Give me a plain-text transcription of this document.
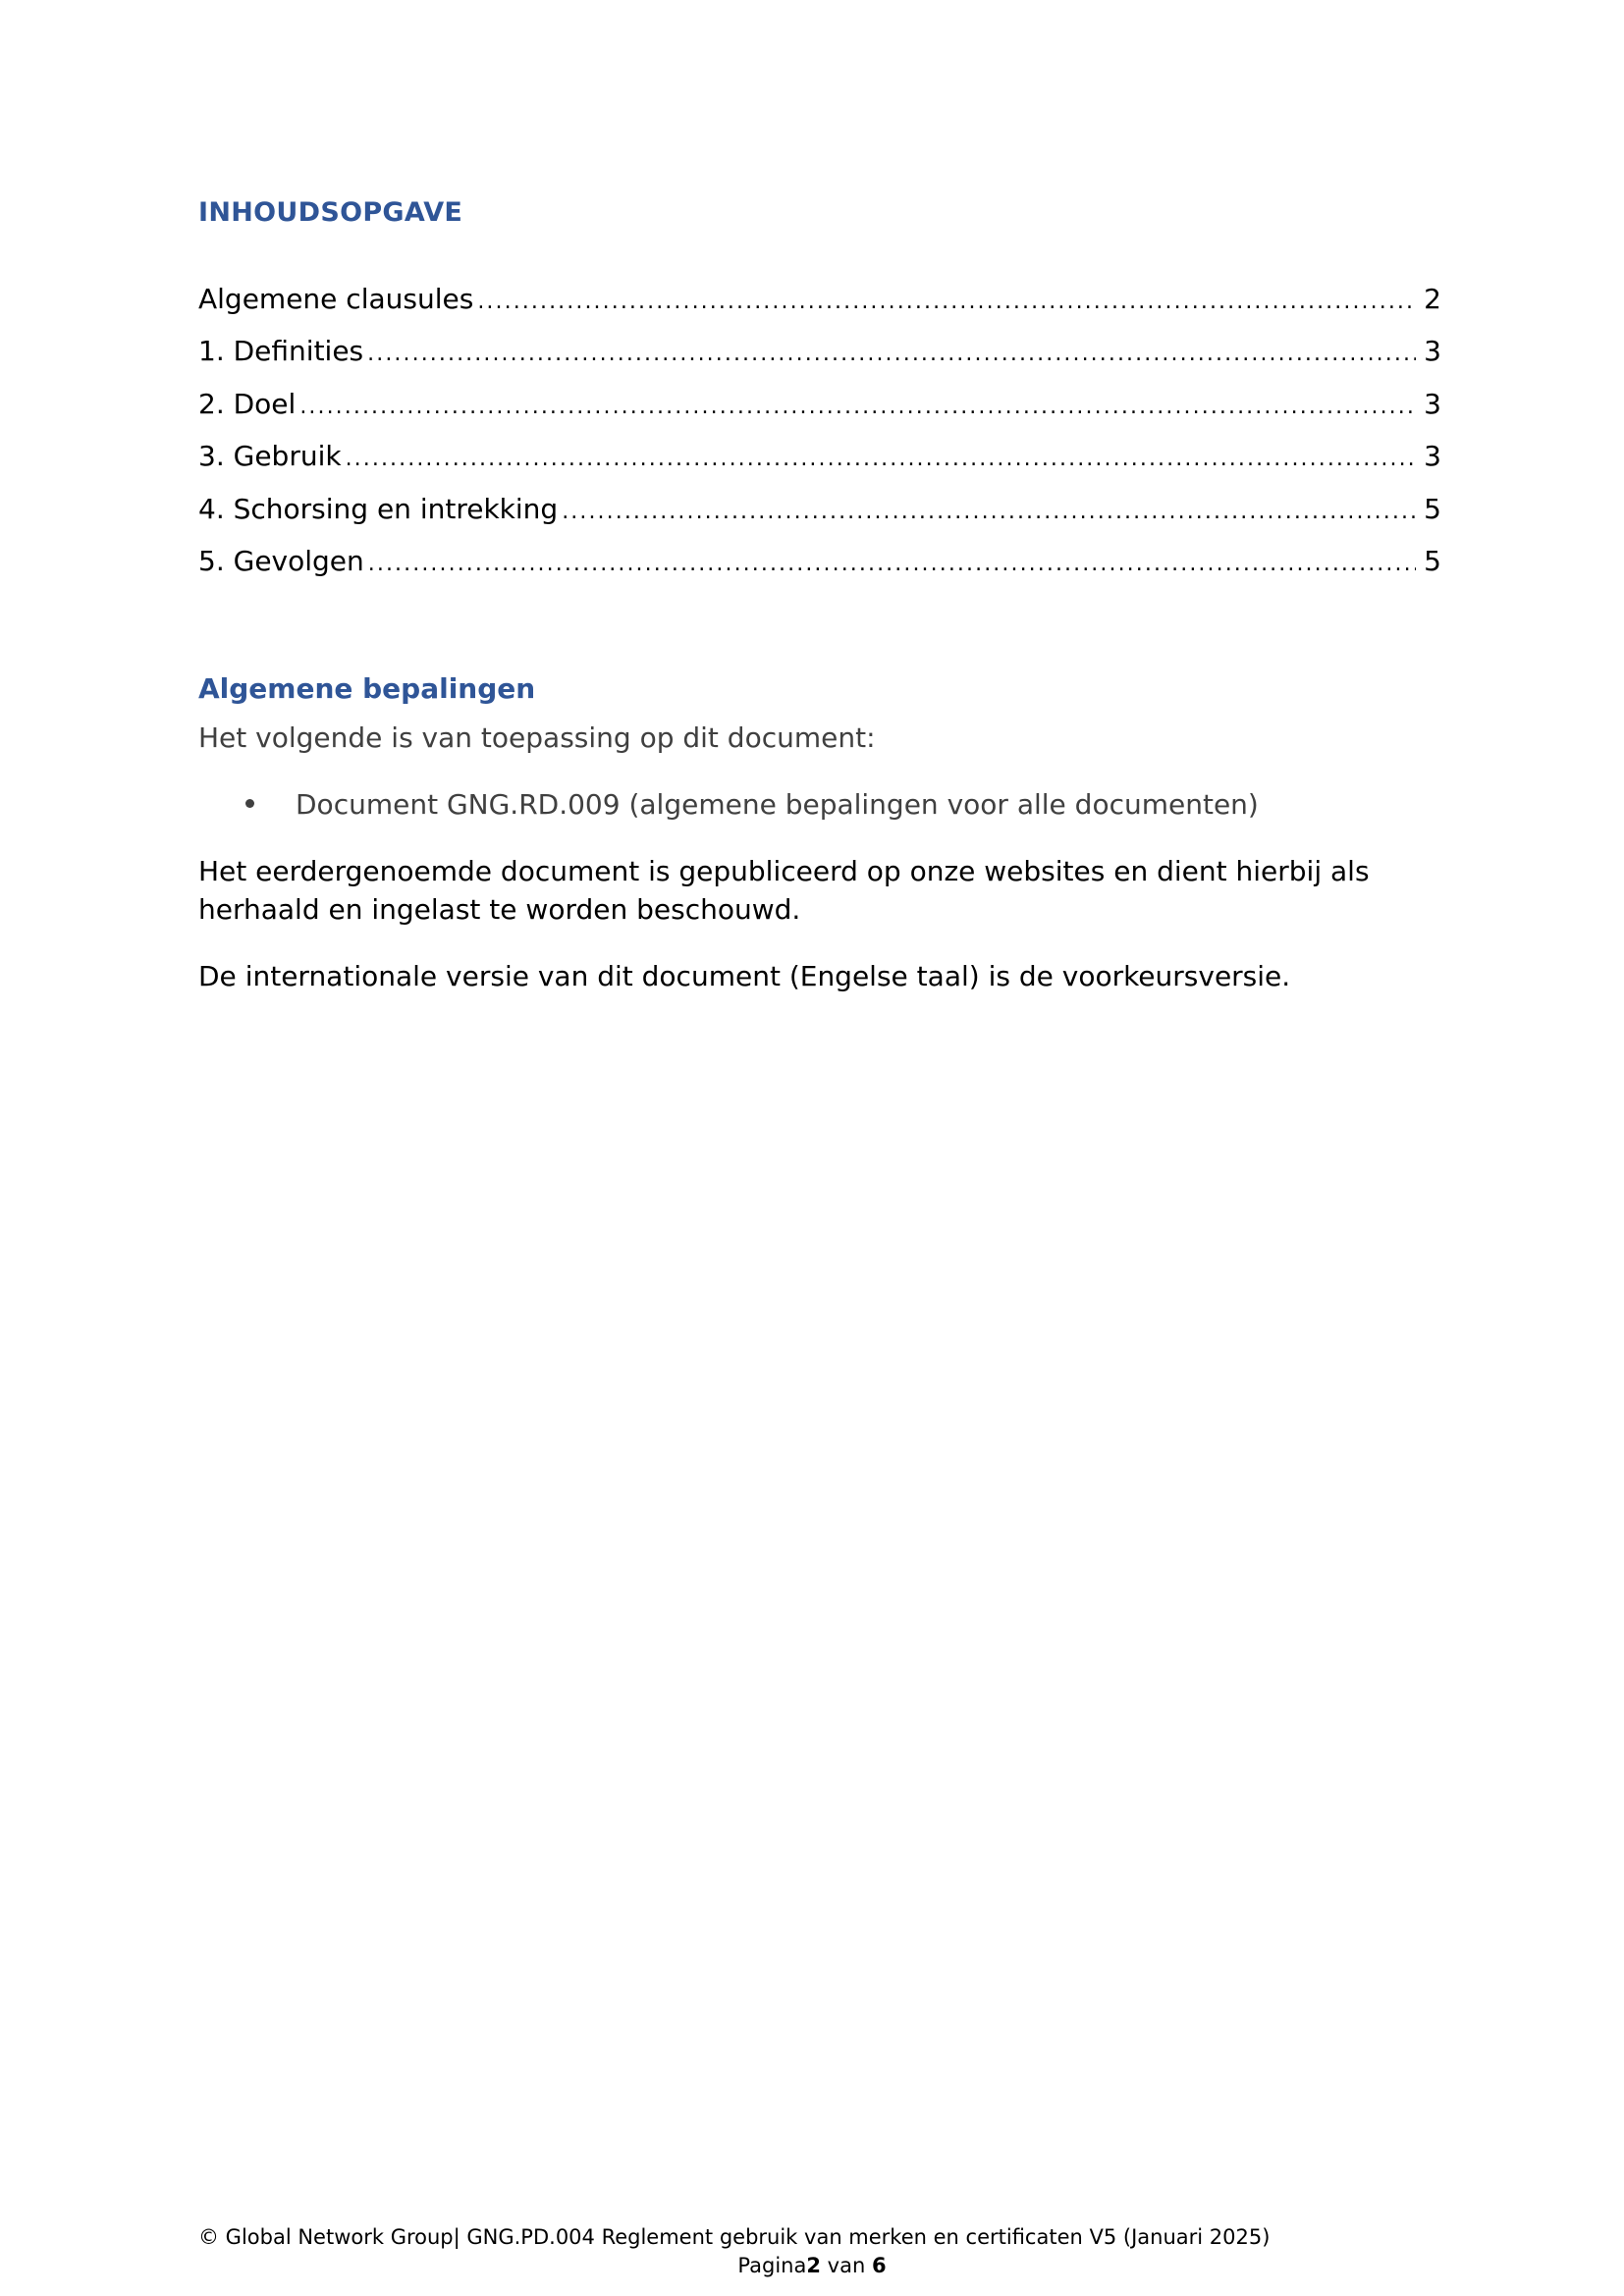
INHOUDSOPGAVE
Algemene clausules .....	2
1. Definities .....	3
2. Doel .....	3
3. Gebruik .....	3
4. Schorsing en intrekking .....	5
5. Gevolgen .....	5
Algemene bepalingen
Het volgende is van toepassing op dit document:
Document GNG.RD.009 (algemene bepalingen voor alle documenten)
Het eerdergenoemde document is gepubliceerd op onze websites en dient hierbij als herhaald en ingelast te worden beschouwd.
De internationale versie van dit document (Engelse taal) is de voorkeursversie.
© Global Network Group| GNG.PD.004 Reglement gebruik van merken en certificaten V5 (Januari 2025)
Pagina2 van 6
